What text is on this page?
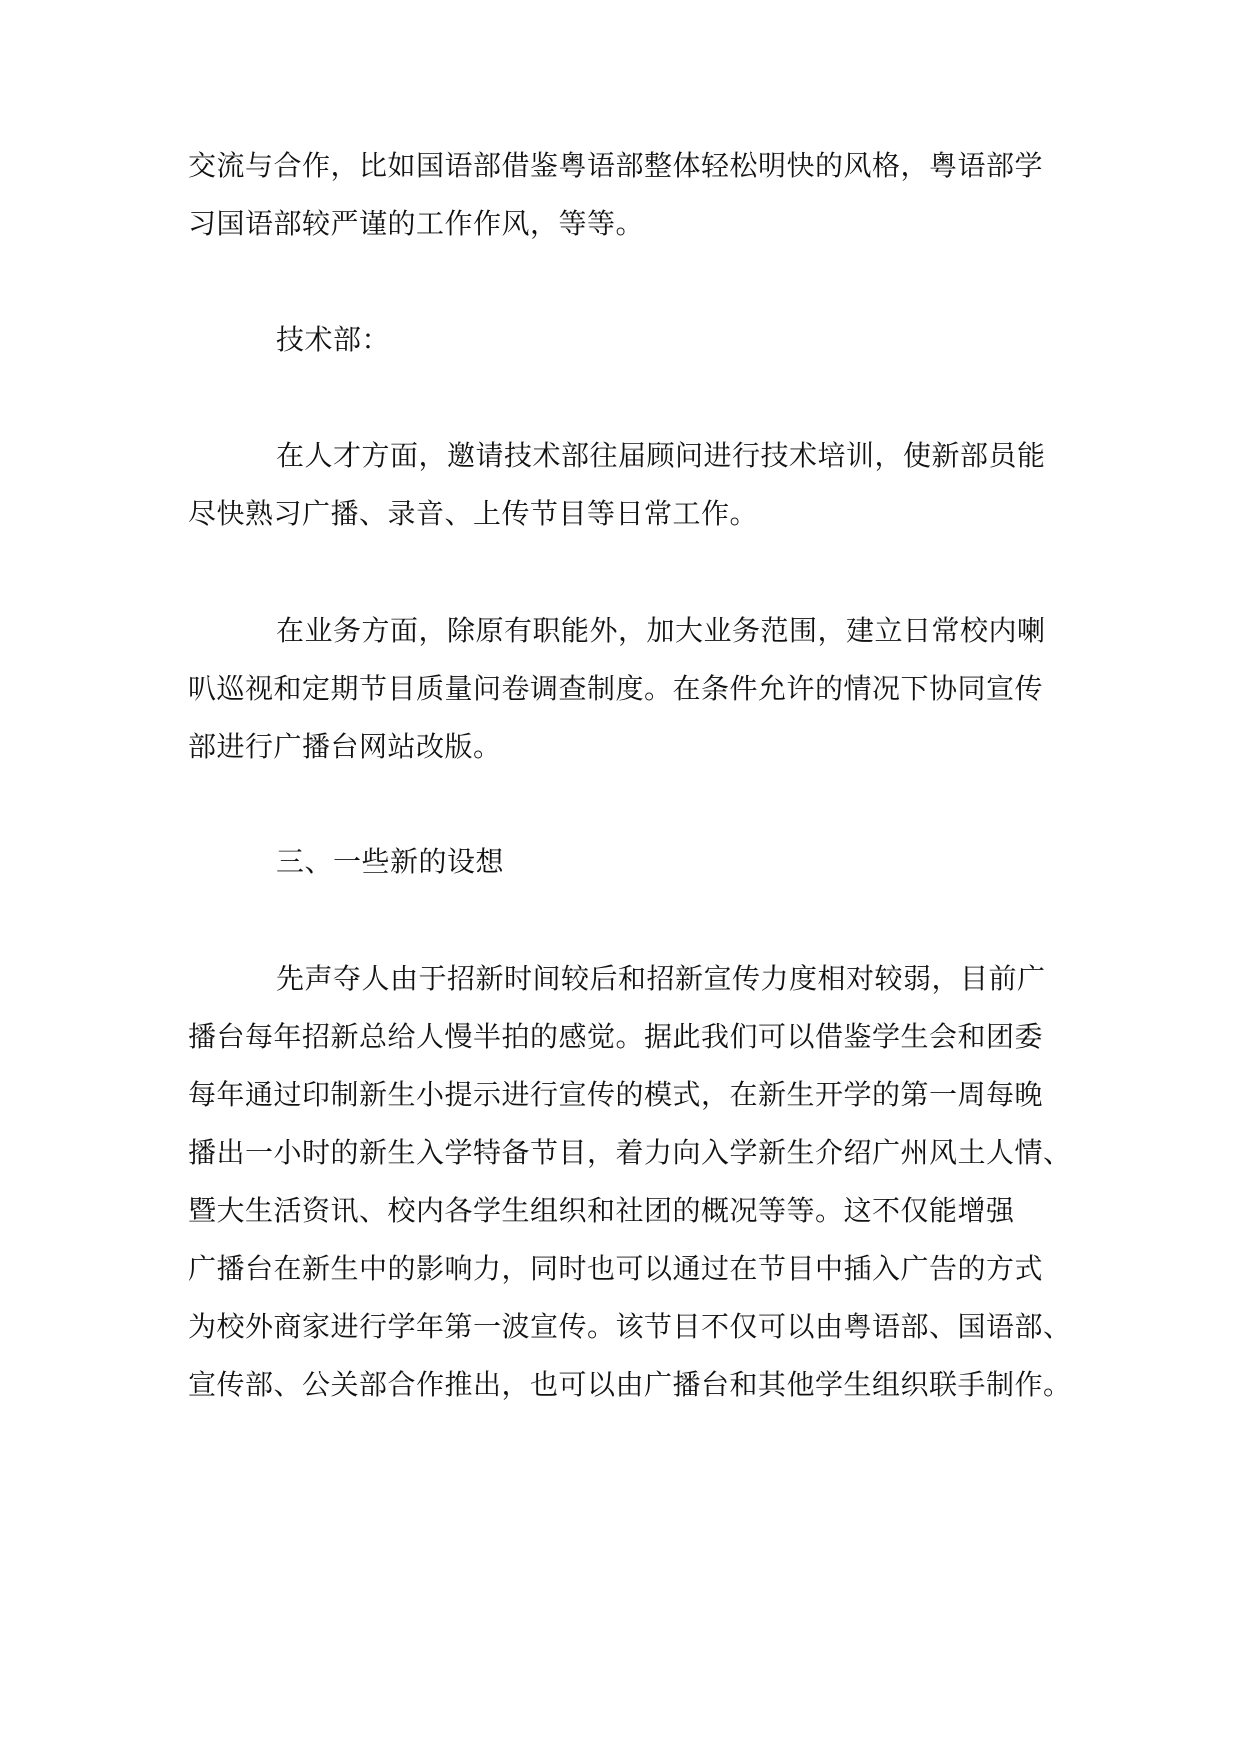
交流与合作，比如国语部借鉴粤语部整体轻松明快的风格，粤语部学
习国语部较严谨的工作作风，等等。

技术部：

在人才方面，邀请技术部往届顾问进行技术培训，使新部员能
尽快熟习广播、录音、上传节目等日常工作。

在业务方面，除原有职能外，加大业务范围，建立日常校内喇
叭巡视和定期节目质量问卷调查制度。在条件允许的情况下协同宣传
部进行广播台网站改版。

三、一些新的设想

先声夺人由于招新时间较后和招新宣传力度相对较弱，目前广
播台每年招新总给人慢半拍的感觉。据此我们可以借鉴学生会和团委
每年通过印制新生小提示进行宣传的模式，在新生开学的第一周每晚
播出一小时的新生入学特备节目，着力向入学新生介绍广州风土人情、
暨大生活资讯、校内各学生组织和社团的概况等等。这不仅能增强
广播台在新生中的影响力，同时也可以通过在节目中插入广告的方式
为校外商家进行学年第一波宣传。该节目不仅可以由粤语部、国语部、
宣传部、公关部合作推出，也可以由广播台和其他学生组织联手制作。
